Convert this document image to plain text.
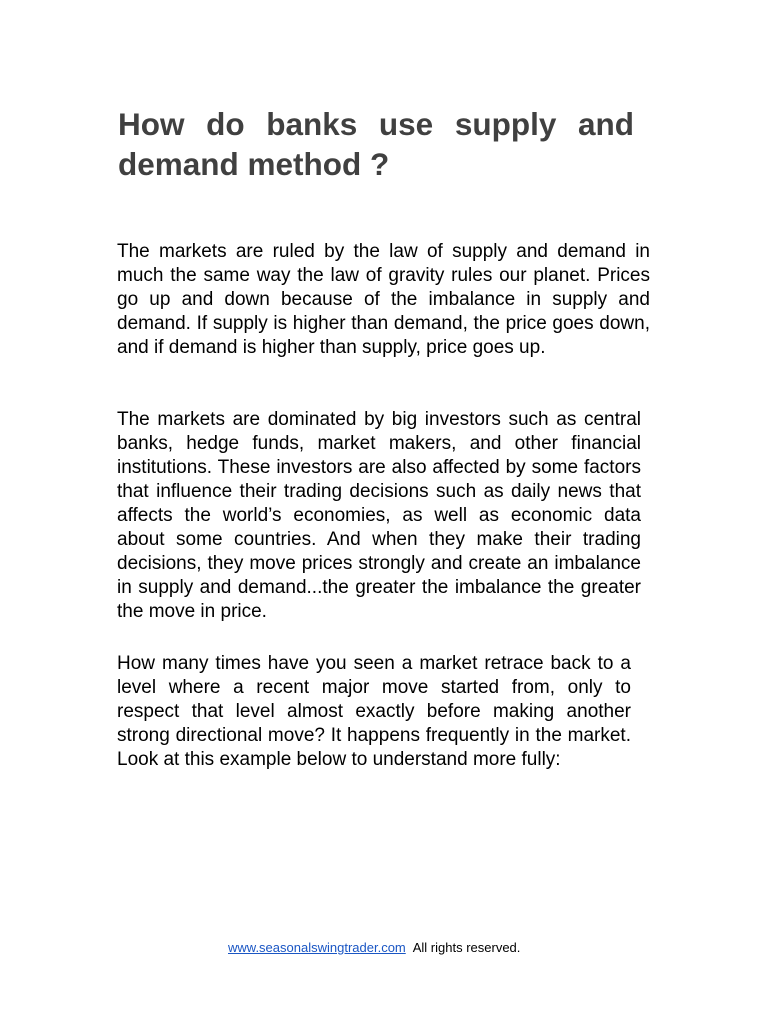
How do banks use supply and demand method ?

The markets are ruled by the law of supply and demand in much the same way the law of gravity rules our planet. Prices go up and down because of the imbalance in supply and demand. If supply is higher than demand, the price goes down, and if demand is higher than supply, price goes up.

The markets are dominated by big investors such as central banks, hedge funds, market makers, and other financial institutions. These investors are also affected by some factors that influence their trading decisions such as daily news that affects the world’s economies, as well as economic data about some countries. And when they make their trading decisions, they move prices strongly and create an imbalance in supply and demand...the greater the imbalance the greater the move in price.

How many times have you seen a market retrace back to a level where a recent major move started from, only to respect that level almost exactly before making another strong directional move? It happens frequently in the market. Look at this example below to understand more fully:

www.seasonalswingtrader.com All rights reserved.
